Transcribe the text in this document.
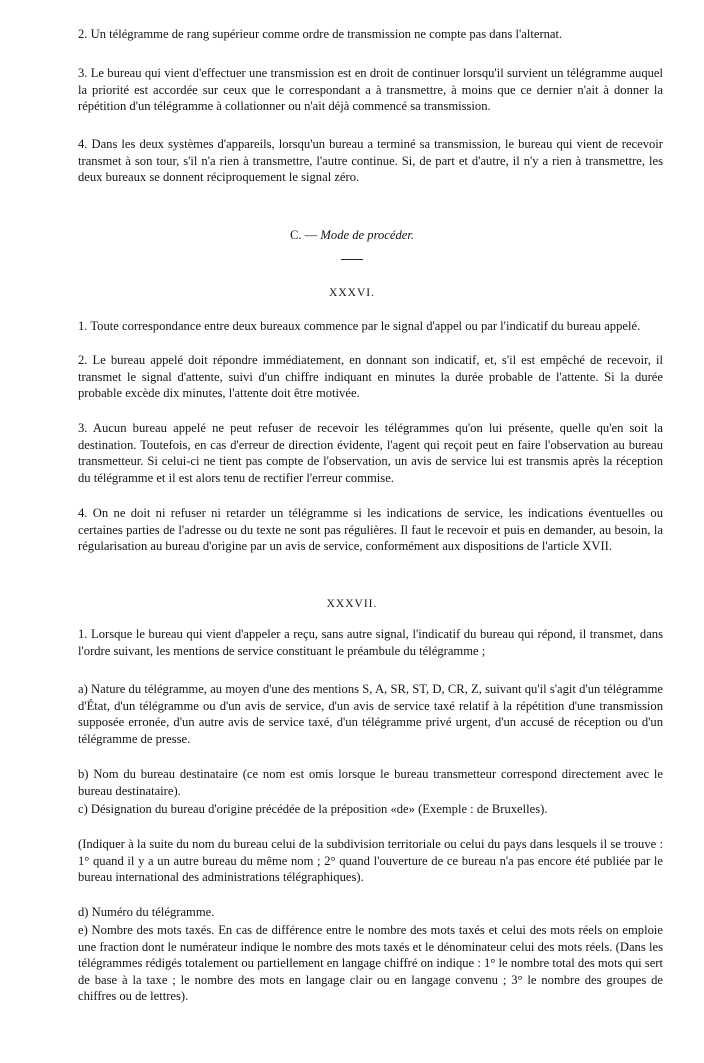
2. Un télégramme de rang supérieur comme ordre de transmission ne compte pas dans l'alternat.

3. Le bureau qui vient d'effectuer une transmission est en droit de continuer lorsqu'il survient un télégramme auquel la priorité est accordée sur ceux que le correspondant a à transmettre, à moins que ce dernier n'ait à donner la répétition d'un télégramme à collationner ou n'ait déjà commencé sa transmission.

4. Dans les deux systèmes d'appareils, lorsqu'un bureau a terminé sa transmission, le bureau qui vient de recevoir transmet à son tour, s'il n'a rien à transmettre, l'autre continue. Si, de part et d'autre, il n'y a rien à transmettre, les deux bureaux se donnent réciproquement le signal zéro.

C. — Mode de procéder.

XXXVI.

1. Toute correspondance entre deux bureaux commence par le signal d'appel ou par l'indicatif du bureau appelé.

2. Le bureau appelé doit répondre immédiatement, en donnant son indicatif, et, s'il est empêché de recevoir, il transmet le signal d'attente, suivi d'un chiffre indiquant en minutes la durée probable de l'attente. Si la durée probable excède dix minutes, l'attente doit être motivée.

3. Aucun bureau appelé ne peut refuser de recevoir les télégrammes qu'on lui présente, quelle qu'en soit la destination. Toutefois, en cas d'erreur de direction évidente, l'agent qui reçoit peut en faire l'observation au bureau transmetteur. Si celui-ci ne tient pas compte de l'observation, un avis de service lui est transmis après la réception du télégramme et il est alors tenu de rectifier l'erreur commise.

4. On ne doit ni refuser ni retarder un télégramme si les indications de service, les indications éventuelles ou certaines parties de l'adresse ou du texte ne sont pas régulières. Il faut le recevoir et puis en demander, au besoin, la régularisation au bureau d'origine par un avis de service, conformément aux dispositions de l'article XVII.

XXXVII.

1. Lorsque le bureau qui vient d'appeler a reçu, sans autre signal, l'indicatif du bureau qui répond, il transmet, dans l'ordre suivant, les mentions de service constituant le préambule du télégramme ;

a) Nature du télégramme, au moyen d'une des mentions S, A, SR, ST, D, CR, Z, suivant qu'il s'agit d'un télégramme d'État, d'un télégramme ou d'un avis de service, d'un avis de service taxé relatif à la répétition d'une transmission supposée erronée, d'un autre avis de service taxé, d'un télégramme privé urgent, d'un accusé de réception ou d'un télégramme de presse.

b) Nom du bureau destinataire (ce nom est omis lorsque le bureau transmetteur correspond directement avec le bureau destinataire).

c) Désignation du bureau d'origine précédée de la préposition «de» (Exemple : de Bruxelles).

(Indiquer à la suite du nom du bureau celui de la subdivision territoriale ou celui du pays dans lesquels il se trouve : 1° quand il y a un autre bureau du même nom ; 2° quand l'ouverture de ce bureau n'a pas encore été publiée par le bureau international des administrations télégraphiques).

d) Numéro du télégramme.

e) Nombre des mots taxés. En cas de différence entre le nombre des mots taxés et celui des mots réels on emploie une fraction dont le numérateur indique le nombre des mots taxés et le dénominateur celui des mots réels. (Dans les télégrammes rédigés totalement ou partiellement en langage chiffré on indique : 1° le nombre total des mots qui sert de base à la taxe ; le nombre des mots en langage clair ou en langage convenu ; 3° le nombre des groupes de chiffres ou de lettres).
